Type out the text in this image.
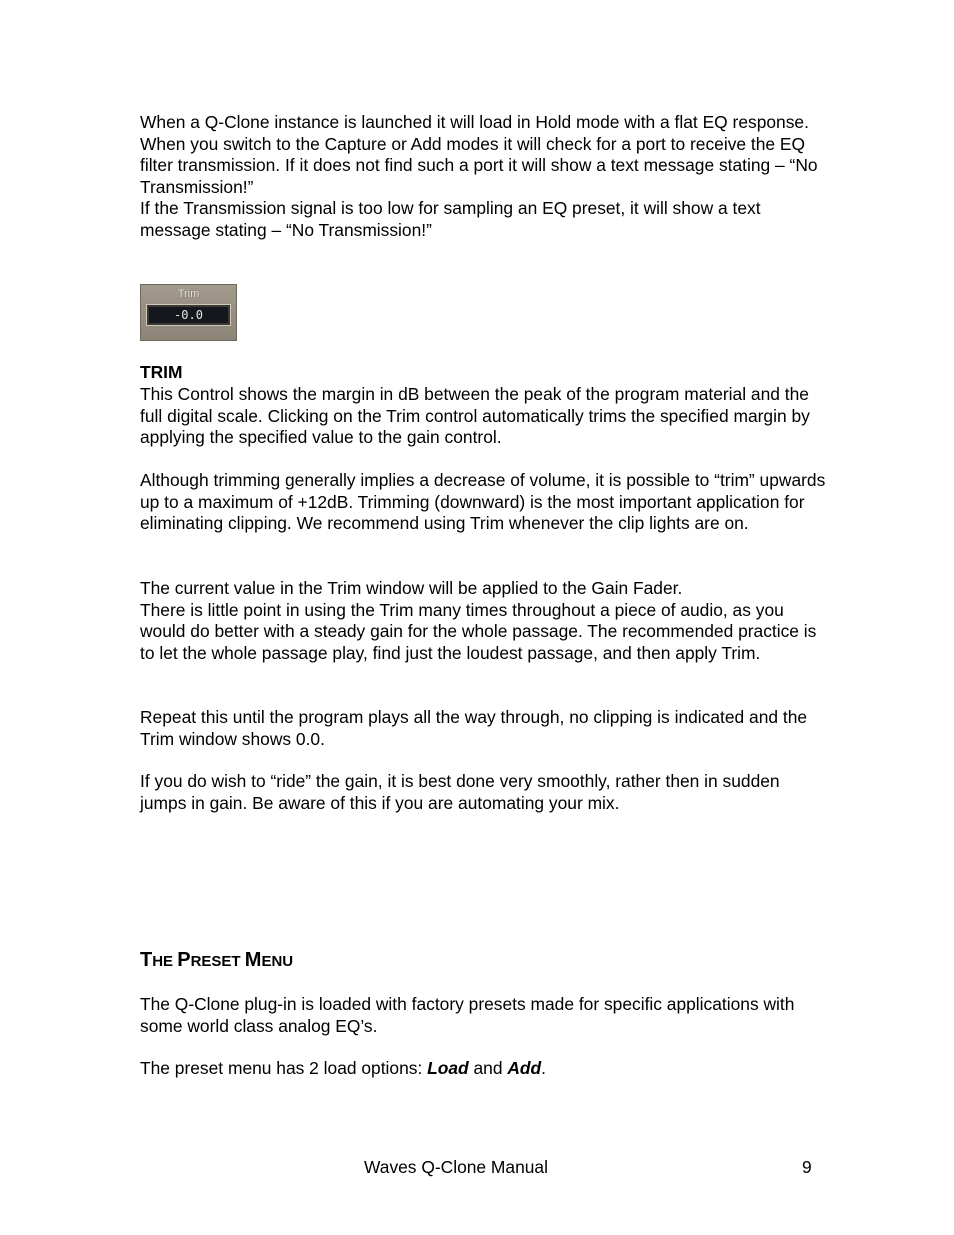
When a Q-Clone instance is launched it will load in Hold mode with a flat EQ response. When you switch to the Capture or Add modes it will check for a port to receive the EQ filter transmission. If it does not find such a port it will show a text message stating – “No Transmission!”
If the Transmission signal is too low for sampling an EQ preset, it will show a text message stating – “No Transmission!”

Trim
-0.0

TRIM

This Control shows the margin in dB between the peak of the program material and the full digital scale. Clicking on the Trim control automatically trims the specified margin by applying the specified value to the gain control.

Although trimming generally implies a decrease of volume, it is possible to “trim” upwards up to a maximum of +12dB. Trimming (downward) is the most important application for eliminating clipping. We recommend using Trim whenever the clip lights are on.

The current value in the Trim window will be applied to the Gain Fader.
There is little point in using the Trim many times throughout a piece of audio, as you would do better with a steady gain for the whole passage. The recommended practice is to let the whole passage play, find just the loudest passage, and then apply Trim.

Repeat this until the program plays all the way through, no clipping is indicated and the Trim window shows 0.0.

If you do wish to “ride” the gain, it is best done very smoothly, rather then in sudden jumps in gain. Be aware of this if you are automating your mix.

THE PRESET MENU

The Q-Clone plug-in is loaded with factory presets made for specific applications with some world class analog EQ’s.

The preset menu has 2 load options: Load and Add.

Waves Q-Clone Manual	9
